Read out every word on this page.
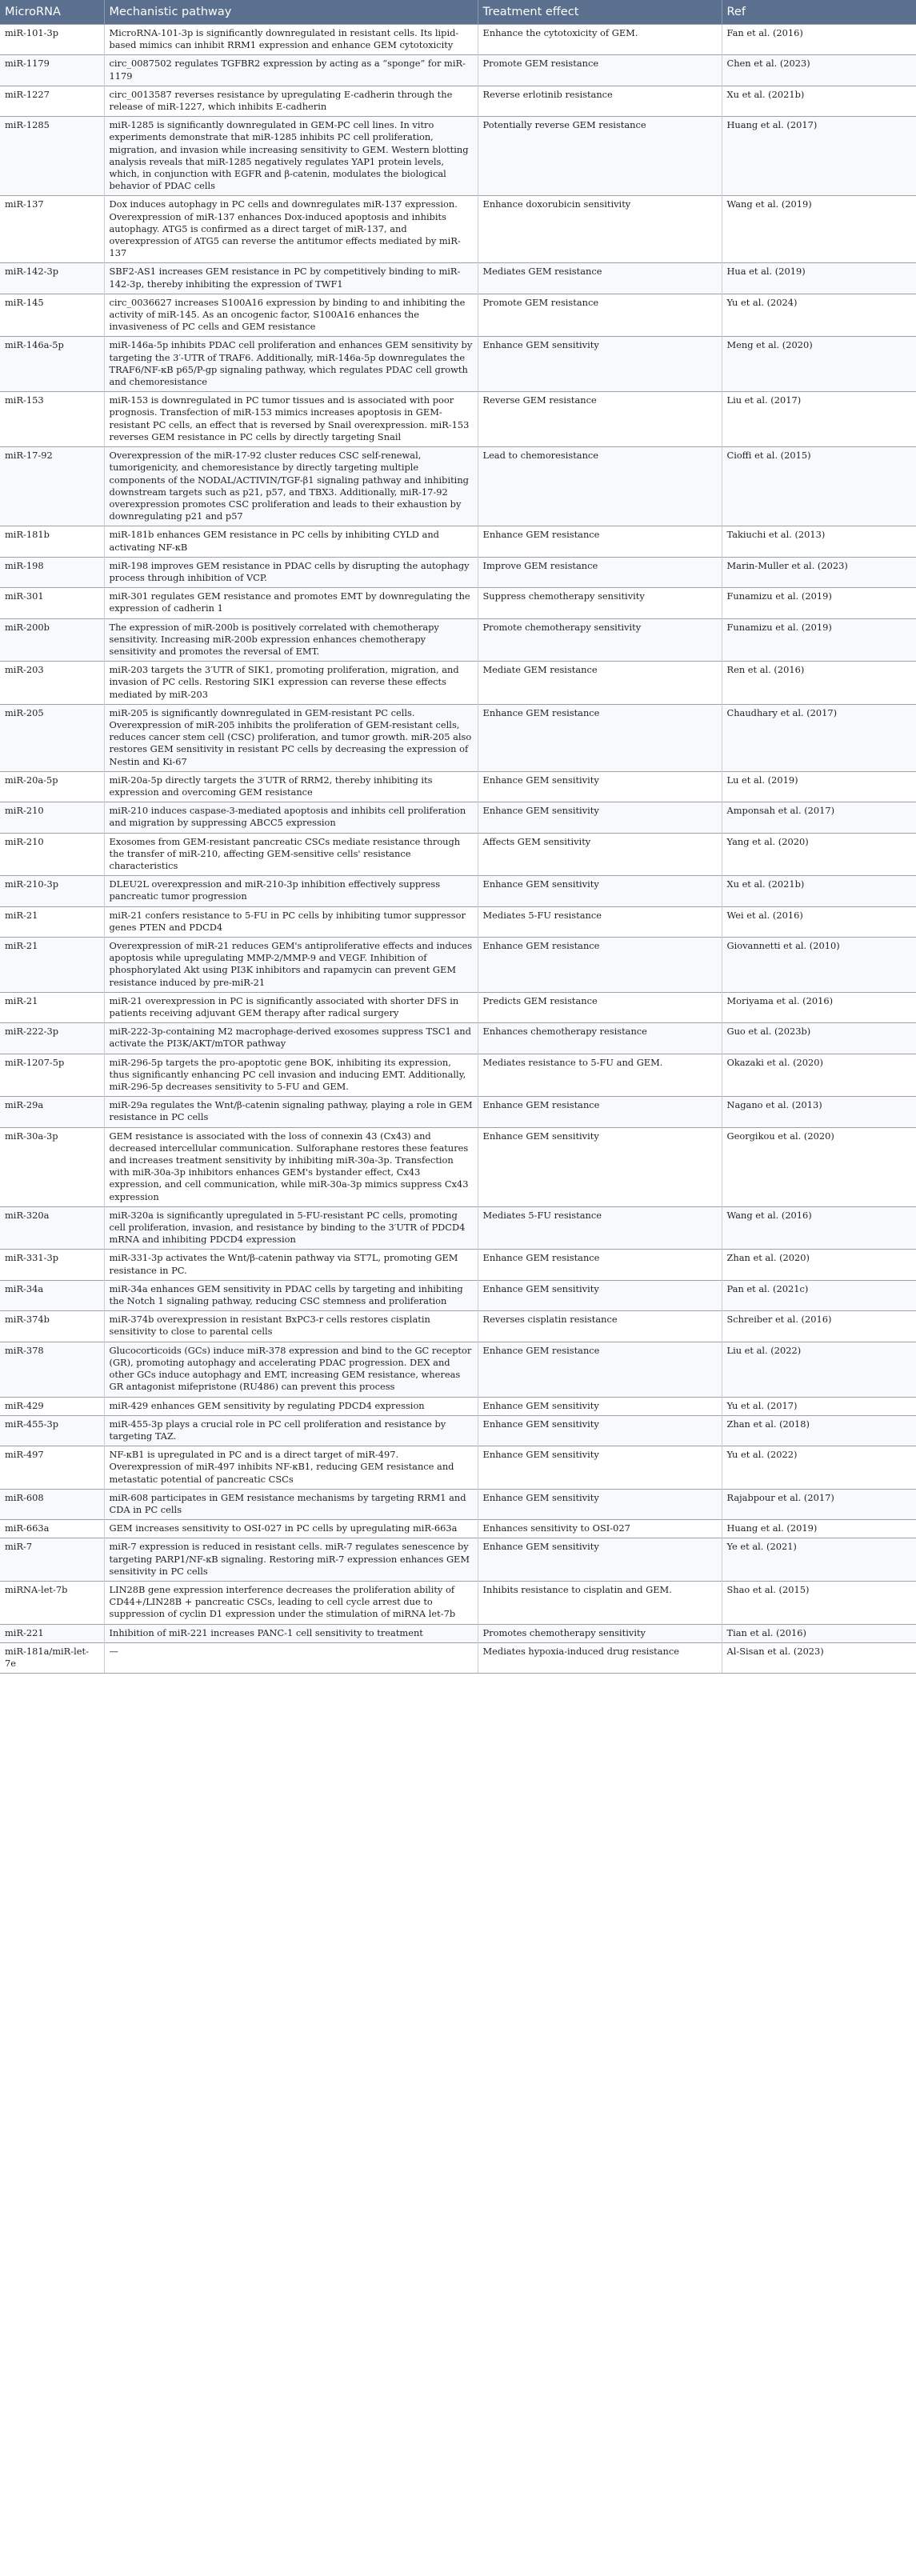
MicroRNA	Mechanistic pathway	Treatment effect	Ref
miR-101-3p	MicroRNA-101-3p is significantly downregulated in resistant cells. Its lipid-based mimics can inhibit RRM1 expression and enhance GEM cytotoxicity	Enhance the cytotoxicity of GEM.	Fan et al. (2016)
miR-1179	circ_0087502 regulates TGFBR2 expression by acting as a “sponge” for miR-1179	Promote GEM resistance	Chen et al. (2023)
miR-1227	circ_0013587 reverses resistance by upregulating E-cadherin through the release of miR-1227, which inhibits E-cadherin	Reverse erlotinib resistance	Xu et al. (2021b)
miR-1285	miR-1285 is significantly downregulated in GEM-PC cell lines. In vitro experiments demonstrate that miR-1285 inhibits PC cell proliferation, migration, and invasion while increasing sensitivity to GEM. Western blotting analysis reveals that miR-1285 negatively regulates YAP1 protein levels, which, in conjunction with EGFR and β-catenin, modulates the biological behavior of PDAC cells	Potentially reverse GEM resistance	Huang et al. (2017)
miR-137	Dox induces autophagy in PC cells and downregulates miR-137 expression. Overexpression of miR-137 enhances Dox-induced apoptosis and inhibits autophagy. ATG5 is confirmed as a direct target of miR-137, and overexpression of ATG5 can reverse the antitumor effects mediated by miR-137	Enhance doxorubicin sensitivity	Wang et al. (2019)
miR-142-3p	SBF2-AS1 increases GEM resistance in PC by competitively binding to miR-142-3p, thereby inhibiting the expression of TWF1	Mediates GEM resistance	Hua et al. (2019)
miR-145	circ_0036627 increases S100A16 expression by binding to and inhibiting the activity of miR-145. As an oncogenic factor, S100A16 enhances the invasiveness of PC cells and GEM resistance	Promote GEM resistance	Yu et al. (2024)
miR-146a-5p	miR-146a-5p inhibits PDAC cell proliferation and enhances GEM sensitivity by targeting the 3′-UTR of TRAF6. Additionally, miR-146a-5p downregulates the TRAF6/NF-κB p65/P-gp signaling pathway, which regulates PDAC cell growth and chemoresistance	Enhance GEM sensitivity	Meng et al. (2020)
miR-153	miR-153 is downregulated in PC tumor tissues and is associated with poor prognosis. Transfection of miR-153 mimics increases apoptosis in GEM-resistant PC cells, an effect that is reversed by Snail overexpression. miR-153 reverses GEM resistance in PC cells by directly targeting Snail	Reverse GEM resistance	Liu et al. (2017)
miR-17-92	Overexpression of the miR-17-92 cluster reduces CSC self-renewal, tumorigenicity, and chemoresistance by directly targeting multiple components of the NODAL/ACTIVIN/TGF-β1 signaling pathway and inhibiting downstream targets such as p21, p57, and TBX3. Additionally, miR-17-92 overexpression promotes CSC proliferation and leads to their exhaustion by downregulating p21 and p57	Lead to chemoresistance	Cioffi et al. (2015)
miR-181b	miR-181b enhances GEM resistance in PC cells by inhibiting CYLD and activating NF-κB	Enhance GEM resistance	Takiuchi et al. (2013)
miR-198	miR-198 improves GEM resistance in PDAC cells by disrupting the autophagy process through inhibition of VCP.	Improve GEM resistance	Marin-Muller et al. (2023)
miR-301	miR-301 regulates GEM resistance and promotes EMT by downregulating the expression of cadherin 1	Suppress chemotherapy sensitivity	Funamizu et al. (2019)
miR-200b	The expression of miR-200b is positively correlated with chemotherapy sensitivity. Increasing miR-200b expression enhances chemotherapy sensitivity and promotes the reversal of EMT.	Promote chemotherapy sensitivity	Funamizu et al. (2019)
miR-203	miR-203 targets the 3′UTR of SIK1, promoting proliferation, migration, and invasion of PC cells. Restoring SIK1 expression can reverse these effects mediated by miR-203	Mediate GEM resistance	Ren et al. (2016)
miR-205	miR-205 is significantly downregulated in GEM-resistant PC cells. Overexpression of miR-205 inhibits the proliferation of GEM-resistant cells, reduces cancer stem cell (CSC) proliferation, and tumor growth. miR-205 also restores GEM sensitivity in resistant PC cells by decreasing the expression of Nestin and Ki-67	Enhance GEM resistance	Chaudhary et al. (2017)
miR-20a-5p	miR-20a-5p directly targets the 3′UTR of RRM2, thereby inhibiting its expression and overcoming GEM resistance	Enhance GEM sensitivity	Lu et al. (2019)
miR-210	miR-210 induces caspase-3-mediated apoptosis and inhibits cell proliferation and migration by suppressing ABCC5 expression	Enhance GEM sensitivity	Amponsah et al. (2017)
miR-210	Exosomes from GEM-resistant pancreatic CSCs mediate resistance through the transfer of miR-210, affecting GEM-sensitive cells' resistance characteristics	Affects GEM sensitivity	Yang et al. (2020)
miR-210-3p	DLEU2L overexpression and miR-210-3p inhibition effectively suppress pancreatic tumor progression	Enhance GEM sensitivity	Xu et al. (2021b)
miR-21	miR-21 confers resistance to 5-FU in PC cells by inhibiting tumor suppressor genes PTEN and PDCD4	Mediates 5-FU resistance	Wei et al. (2016)
miR-21	Overexpression of miR-21 reduces GEM's antiproliferative effects and induces apoptosis while upregulating MMP-2/MMP-9 and VEGF. Inhibition of phosphorylated Akt using PI3K inhibitors and rapamycin can prevent GEM resistance induced by pre-miR-21	Enhance GEM resistance	Giovannetti et al. (2010)
miR-21	miR-21 overexpression in PC is significantly associated with shorter DFS in patients receiving adjuvant GEM therapy after radical surgery	Predicts GEM resistance	Moriyama et al. (2016)
miR-222-3p	miR-222-3p-containing M2 macrophage-derived exosomes suppress TSC1 and activate the PI3K/AKT/mTOR pathway	Enhances chemotherapy resistance	Guo et al. (2023b)
miR-1207-5p	miR-296-5p targets the pro-apoptotic gene BOK, inhibiting its expression, thus significantly enhancing PC cell invasion and inducing EMT. Additionally, miR-296-5p decreases sensitivity to 5-FU and GEM.	Mediates resistance to 5-FU and GEM.	Okazaki et al. (2020)
miR-29a	miR-29a regulates the Wnt/β-catenin signaling pathway, playing a role in GEM resistance in PC cells	Enhance GEM resistance	Nagano et al. (2013)
miR-30a-3p	GEM resistance is associated with the loss of connexin 43 (Cx43) and decreased intercellular communication. Sulforaphane restores these features and increases treatment sensitivity by inhibiting miR-30a-3p. Transfection with miR-30a-3p inhibitors enhances GEM's bystander effect, Cx43 expression, and cell communication, while miR-30a-3p mimics suppress Cx43 expression	Enhance GEM sensitivity	Georgikou et al. (2020)
miR-320a	miR-320a is significantly upregulated in 5-FU-resistant PC cells, promoting cell proliferation, invasion, and resistance by binding to the 3′UTR of PDCD4 mRNA and inhibiting PDCD4 expression	Mediates 5-FU resistance	Wang et al. (2016)
miR-331-3p	miR-331-3p activates the Wnt/β-catenin pathway via ST7L, promoting GEM resistance in PC.	Enhance GEM resistance	Zhan et al. (2020)
miR-34a	miR-34a enhances GEM sensitivity in PDAC cells by targeting and inhibiting the Notch 1 signaling pathway, reducing CSC stemness and proliferation	Enhance GEM sensitivity	Pan et al. (2021c)
miR-374b	miR-374b overexpression in resistant BxPC3-r cells restores cisplatin sensitivity to close to parental cells	Reverses cisplatin resistance	Schreiber et al. (2016)
miR-378	Glucocorticoids (GCs) induce miR-378 expression and bind to the GC receptor (GR), promoting autophagy and accelerating PDAC progression. DEX and other GCs induce autophagy and EMT, increasing GEM resistance, whereas GR antagonist mifepristone (RU486) can prevent this process	Enhance GEM resistance	Liu et al. (2022)
miR-429	miR-429 enhances GEM sensitivity by regulating PDCD4 expression	Enhance GEM sensitivity	Yu et al. (2017)
miR-455-3p	miR-455-3p plays a crucial role in PC cell proliferation and resistance by targeting TAZ.	Enhance GEM sensitivity	Zhan et al. (2018)
miR-497	NF-κB1 is upregulated in PC and is a direct target of miR-497. Overexpression of miR-497 inhibits NF-κB1, reducing GEM resistance and metastatic potential of pancreatic CSCs	Enhance GEM sensitivity	Yu et al. (2022)
miR-608	miR-608 participates in GEM resistance mechanisms by targeting RRM1 and CDA in PC cells	Enhance GEM sensitivity	Rajabpour et al. (2017)
miR-663a	GEM increases sensitivity to OSI-027 in PC cells by upregulating miR-663a	Enhances sensitivity to OSI-027	Huang et al. (2019)
miR-7	miR-7 expression is reduced in resistant cells. miR-7 regulates senescence by targeting PARP1/NF-κB signaling. Restoring miR-7 expression enhances GEM sensitivity in PC cells	Enhance GEM sensitivity	Ye et al. (2021)
miRNA-let-7b	LIN28B gene expression interference decreases the proliferation ability of CD44+/LIN28B + pancreatic CSCs, leading to cell cycle arrest due to suppression of cyclin D1 expression under the stimulation of miRNA let-7b	Inhibits resistance to cisplatin and GEM.	Shao et al. (2015)
miR-221	Inhibition of miR-221 increases PANC-1 cell sensitivity to treatment	Promotes chemotherapy sensitivity	Tian et al. (2016)
miR-181a/miR-let-7e	—	Mediates hypoxia-induced drug resistance	Al-Sisan et al. (2023)
